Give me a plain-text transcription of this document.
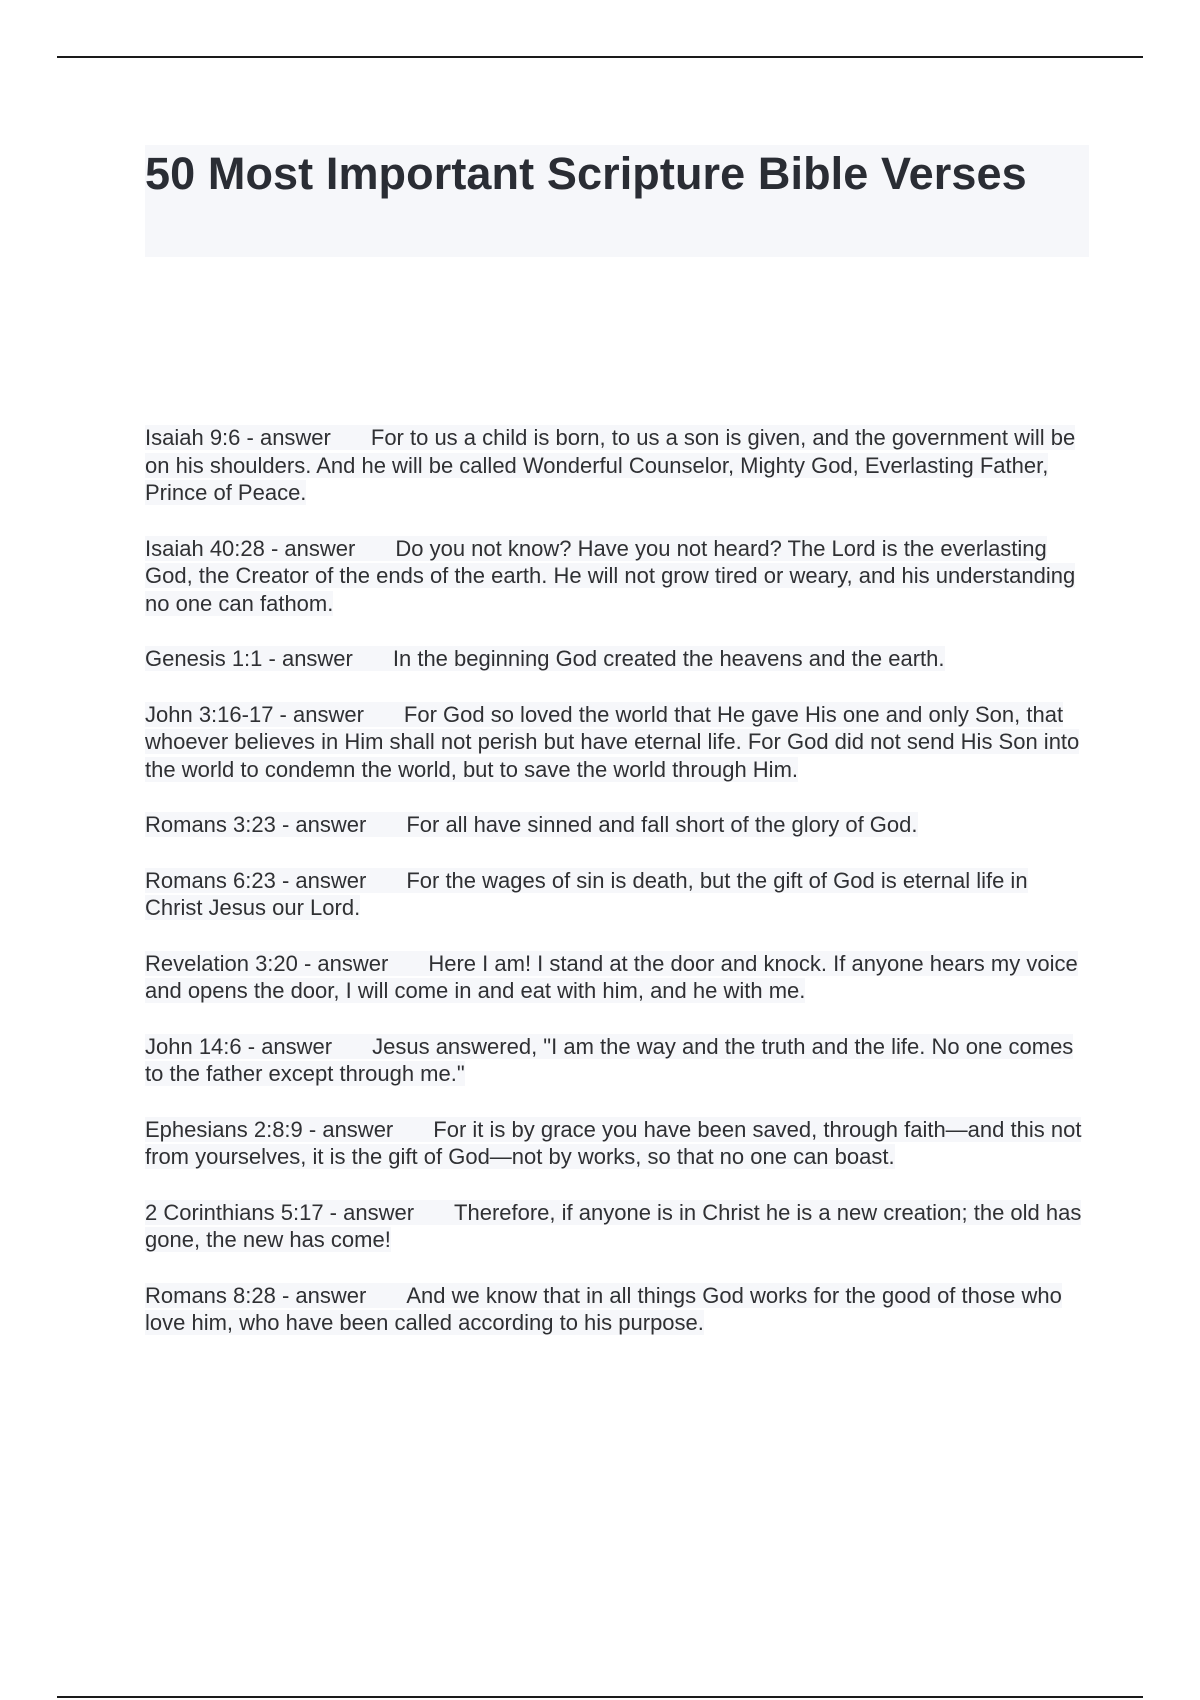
50 Most Important Scripture Bible Verses
Isaiah 9:6 - answer For to us a child is born, to us a son is given, and the government will be on his shoulders. And he will be called Wonderful Counselor, Mighty God, Everlasting Father, Prince of Peace.
Isaiah 40:28 - answer Do you not know? Have you not heard? The Lord is the everlasting God, the Creator of the ends of the earth. He will not grow tired or weary, and his understanding no one can fathom.
Genesis 1:1 - answer In the beginning God created the heavens and the earth.
John 3:16-17 - answer For God so loved the world that He gave His one and only Son, that whoever believes in Him shall not perish but have eternal life. For God did not send His Son into the world to condemn the world, but to save the world through Him.
Romans 3:23 - answer For all have sinned and fall short of the glory of God.
Romans 6:23 - answer For the wages of sin is death, but the gift of God is eternal life in Christ Jesus our Lord.
Revelation 3:20 - answer Here I am! I stand at the door and knock. If anyone hears my voice and opens the door, I will come in and eat with him, and he with me.
John 14:6 - answer Jesus answered, "I am the way and the truth and the life. No one comes to the father except through me."
Ephesians 2:8:9 - answer For it is by grace you have been saved, through faith—and this not from yourselves, it is the gift of God—not by works, so that no one can boast.
2 Corinthians 5:17 - answer Therefore, if anyone is in Christ he is a new creation; the old has gone, the new has come!
Romans 8:28 - answer And we know that in all things God works for the good of those who love him, who have been called according to his purpose.
